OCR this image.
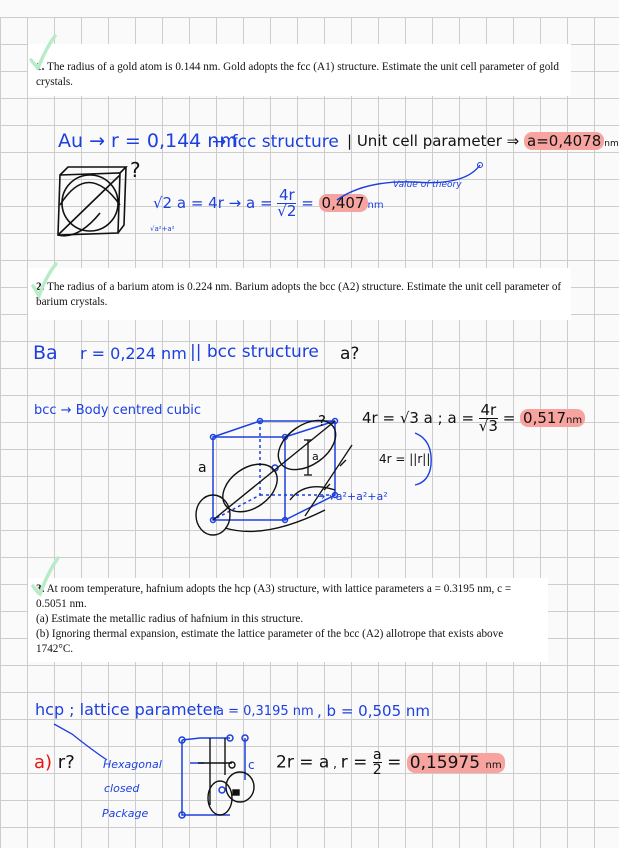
1. The radius of a gold atom is 0.144 nm. Gold adopts the fcc (A1) structure. Estimate the unit cell parameter of gold crystals.
Au → r = 0,144 nm
→ fcc structure | Unit cell parameter ⇒ a=0,4078 nm
?
√2 $a = 4r \to a = \frac{4r}{√2} = 0,407$ nm
√a²+a²
Value of theory
2. The radius of a barium atom is 0.224 nm. Barium adopts the bcc (A2) structure. Estimate the unit cell parameter of barium crystals.
Ba r = 0,224 nm || bcc structure a?
bcc → Body centred cubic	4r = √3 a ; $a = \frac{4r}{√3} = 0,517nm$
a
?
a	4r = ||r||
→ √a²+a²+a²
3. At room temperature, hafnium adopts the hcp (A3) structure, with lattice parameters a = 0.3195 nm, c = 0.5051 nm.
(a) Estimate the metallic radius of hafnium in this structure.
(b) Ignoring thermal expansion, estimate the lattice parameter of the bcc (A2) allotrope that exists above 1742°C.
hcp ; lattice parameter
a = 0,3195 nm , b = 0,505 nm
a) r?	Hexagonal
closed
Package
c 2r = a , $r = \frac{a}{2} = 0,15975$ nm
